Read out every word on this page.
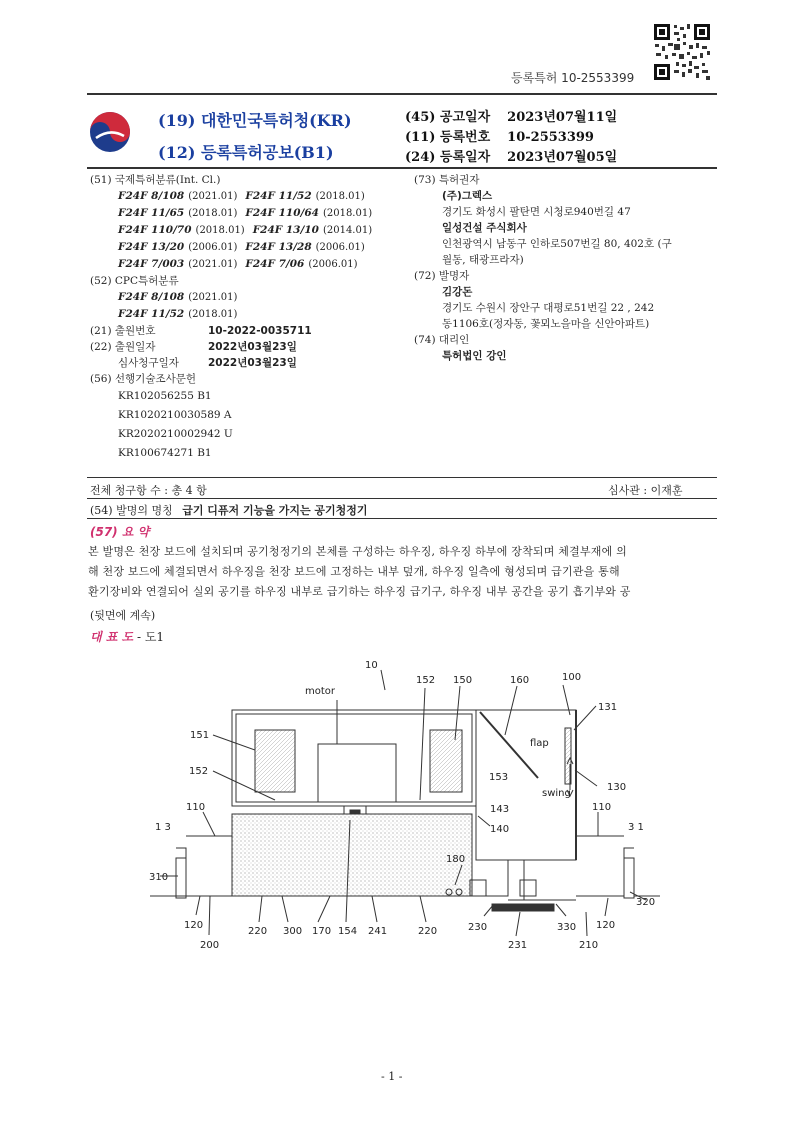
등록특허 10-2553399
(19) 대한민국특허청(KR)
(12) 등록특허공보(B1)
(45) 공고일자 2023년07월11일
(11) 등록번호 10-2553399
(24) 등록일자 2023년07월05일
(51) 국제특허분류(Int. Cl.)
F24F 8/108 (2021.01) F24F 11/52 (2018.01)
F24F 11/65 (2018.01) F24F 110/64 (2018.01)
F24F 110/70 (2018.01) F24F 13/10 (2014.01)
F24F 13/20 (2006.01) F24F 13/28 (2006.01)
F24F 7/003 (2021.01) F24F 7/06 (2006.01)
(52) CPC특허분류
F24F 8/108 (2021.01)
F24F 11/52 (2018.01)
(21) 출원번호	10-2022-0035711
(22) 출원일자	2022년03월23일
심사청구일자	2022년03월23일
(56) 선행기술조사문헌
KR102056255 B1
KR1020210030589 A
KR2020210002942 U
KR100674271 B1
(73) 특허권자
(주)그렉스
경기도 화성시 팔탄면 시청로940번길 47
일성건설 주식회사
인천광역시 남동구 인하로507번길 80, 402호 (구
월동, 태광프라자)
(72) 발명자
김강돈
경기도 수원시 장안구 대평로51번길 22 , 242
동1106호(정자동, 꽃뫼노을마을 신안아파트)
(74) 대리인
특허법인 강인
전체 청구항 수 : 총 4 항	심사관 : 이재훈
(54) 발명의 명칭 급기 디퓨저 기능을 가지는 공기청정기
(57) 요 약
본 발명은 천장 보드에 설치되며 공기청정기의 본체를 구성하는 하우징, 하우징 하부에 장착되며 체결부재에 의
해 천장 보드에 체결되면서 하우징을 천장 보드에 고정하는 내부 덮개, 하우징 일측에 형성되며 급기관을 통해
환기장비와 연결되어 실외 공기를 하우징 내부로 급기하는 하우징 급기구, 하우징 내부 공간을 공기 흡기부와 공
(뒷면에 계속)
대 표 도 - 도1
10
motor
152 150	160	100
131
151
flap
152
153
130
swing
110	143	110
1 3	140	3 1
180
310
320
120
220 300 170 154 241	220	230	330 120
200	231	210
- 1 -
